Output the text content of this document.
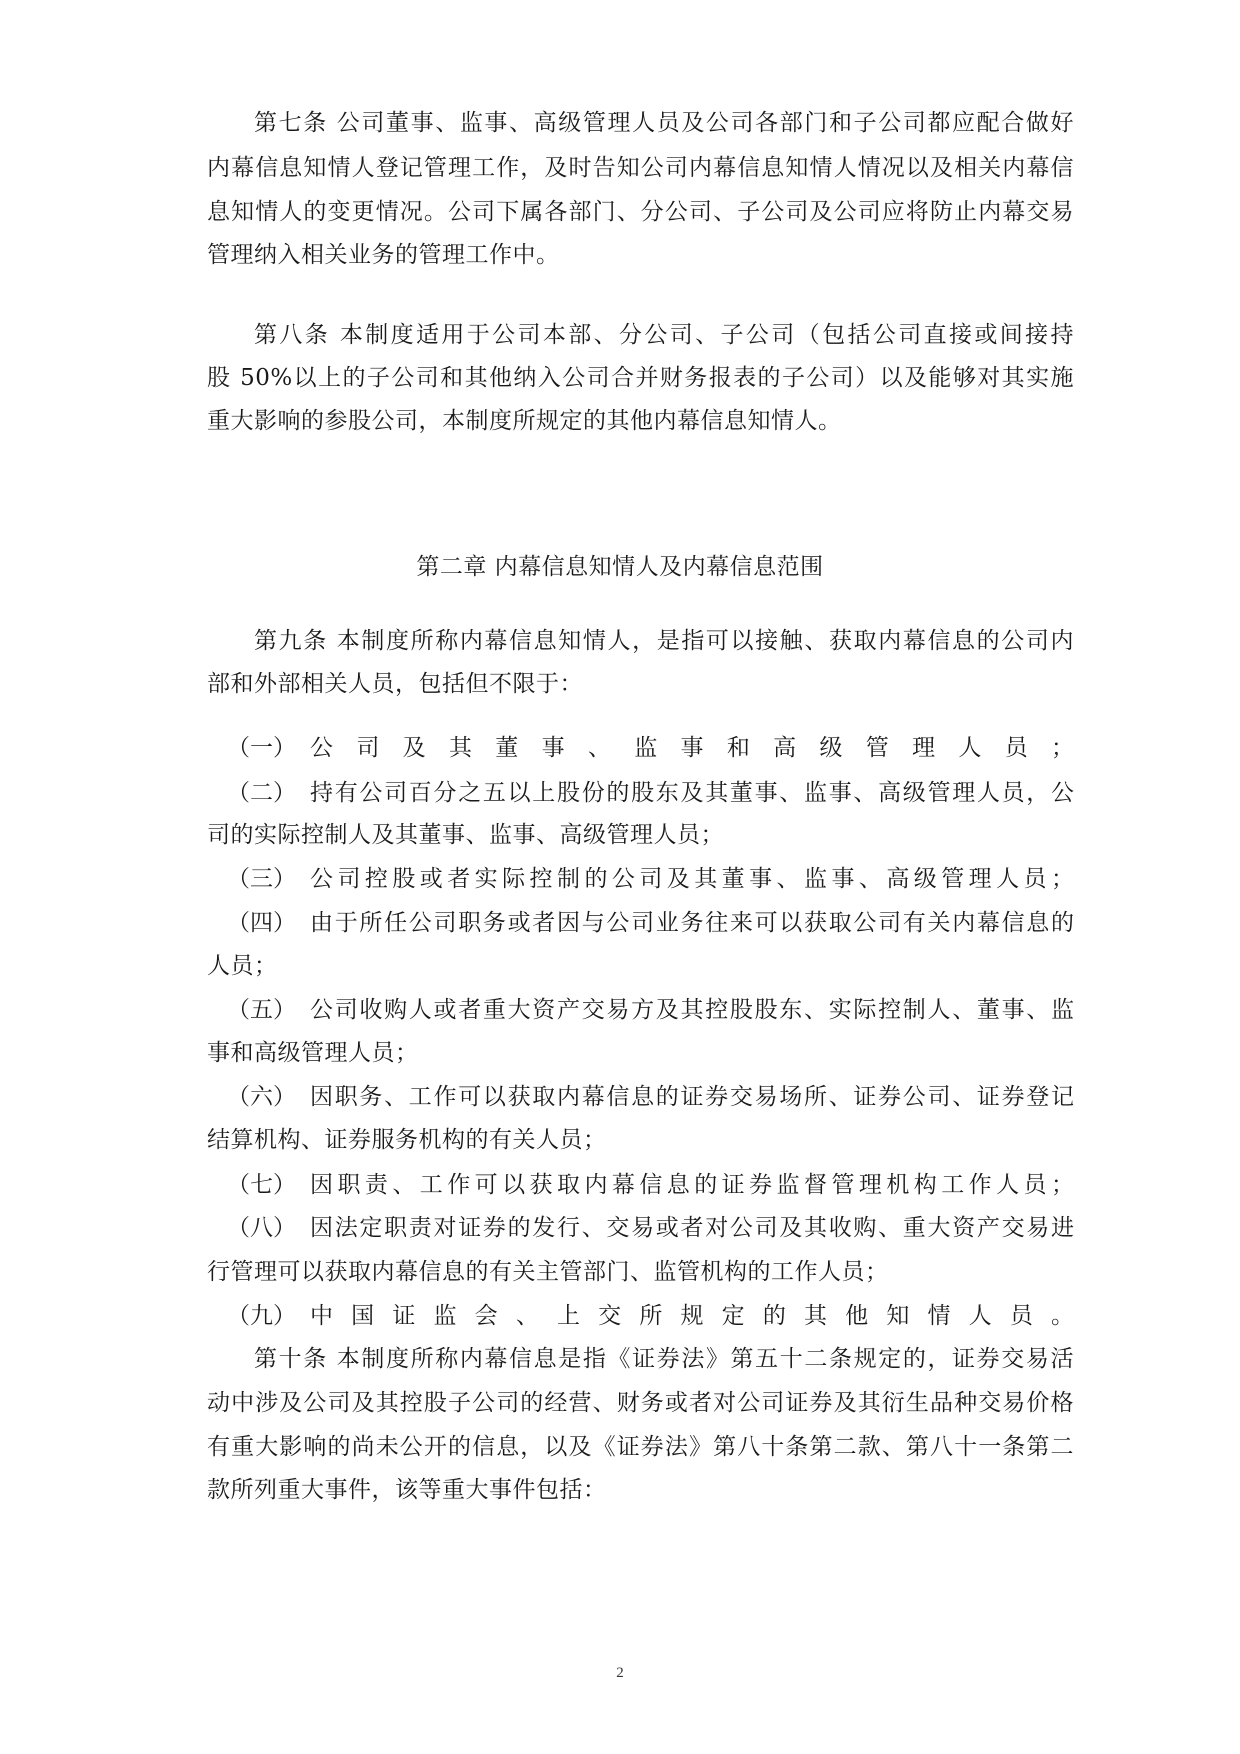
第七条 公司董事、监事、高级管理人员及公司各部门和子公司都应配合做好
内幕信息知情人登记管理工作，及时告知公司内幕信息知情人情况以及相关内幕信
息知情人的变更情况。公司下属各部门、分公司、子公司及公司应将防止内幕交易
管理纳入相关业务的管理工作中。
第八条 本制度适用于公司本部、分公司、子公司（包括公司直接或间接持
股 50%以上的子公司和其他纳入公司合并财务报表的子公司）以及能够对其实施
重大影响的参股公司，本制度所规定的其他内幕信息知情人。
第二章 内幕信息知情人及内幕信息范围
第九条 本制度所称内幕信息知情人，是指可以接触、获取内幕信息的公司内
部和外部相关人员，包括但不限于：
（一） 公司及其董事、监事和高级管理人员；
（二） 持有公司百分之五以上股份的股东及其董事、监事、高级管理人员，公
司的实际控制人及其董事、监事、高级管理人员；
（三） 公司控股或者实际控制的公司及其董事、监事、高级管理人员；
（四） 由于所任公司职务或者因与公司业务往来可以获取公司有关内幕信息的
人员；
（五） 公司收购人或者重大资产交易方及其控股股东、实际控制人、董事、监
事和高级管理人员；
（六） 因职务、工作可以获取内幕信息的证券交易场所、证券公司、证券登记
结算机构、证券服务机构的有关人员；
（七） 因职责、工作可以获取内幕信息的证券监督管理机构工作人员；
（八） 因法定职责对证券的发行、交易或者对公司及其收购、重大资产交易进
行管理可以获取内幕信息的有关主管部门、监管机构的工作人员；
（九） 中国证监会、上交所规定的其他知情人员。
第十条 本制度所称内幕信息是指《证券法》第五十二条规定的，证券交易活
动中涉及公司及其控股子公司的经营、财务或者对公司证券及其衍生品种交易价格
有重大影响的尚未公开的信息，以及《证券法》第八十条第二款、第八十一条第二
款所列重大事件，该等重大事件包括：
2
